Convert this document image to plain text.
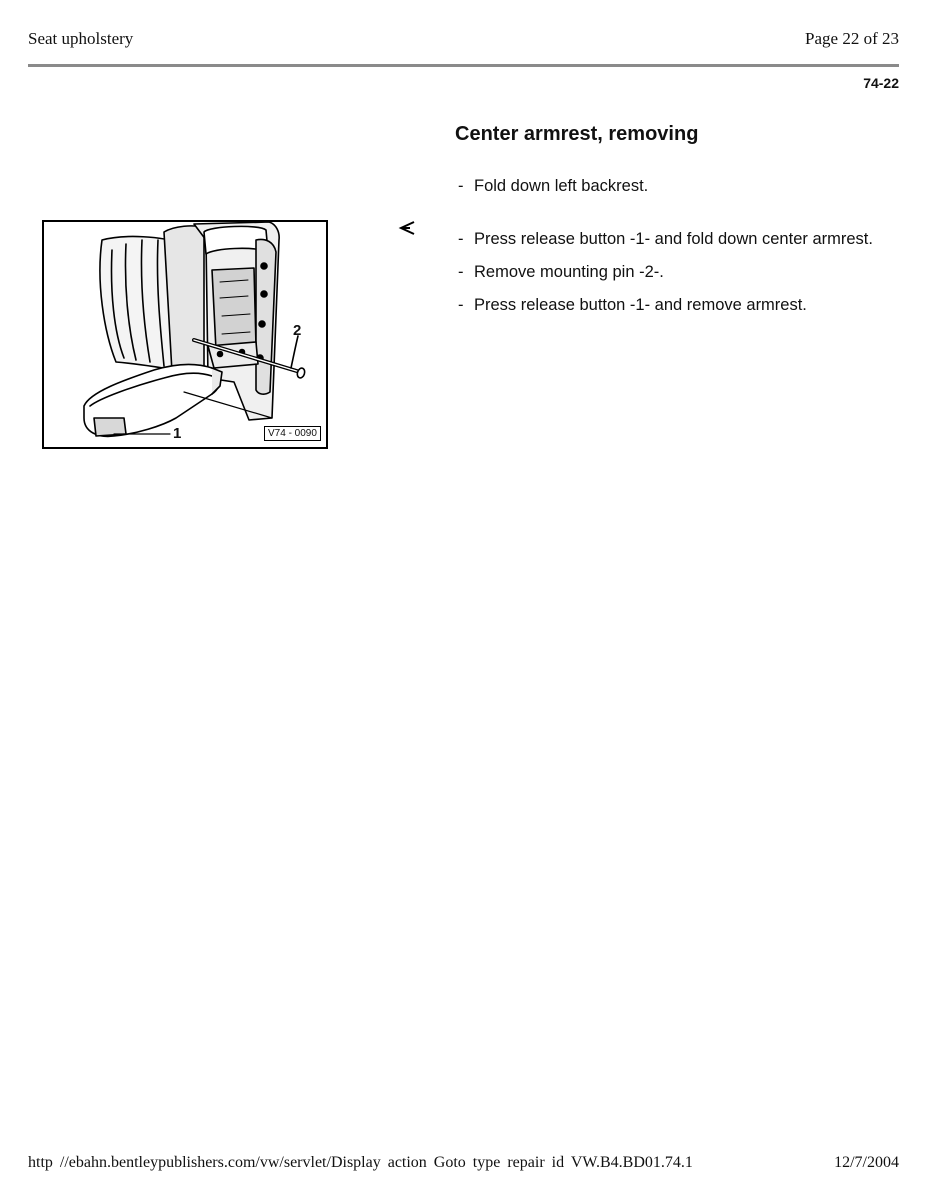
Seat upholstery	Page 22 of 23
74-22
1
2
V74 - 0090
Center armrest, removing
- Fold down left backrest.
- Press release button -1- and fold down center armrest.
- Remove mounting pin -2-.
- Press release button -1- and remove armrest.
http //ebahn.bentleypublishers.com/vw/servlet/Display action Goto type repair id VW.B4.BD01.74.1	12/7/2004
